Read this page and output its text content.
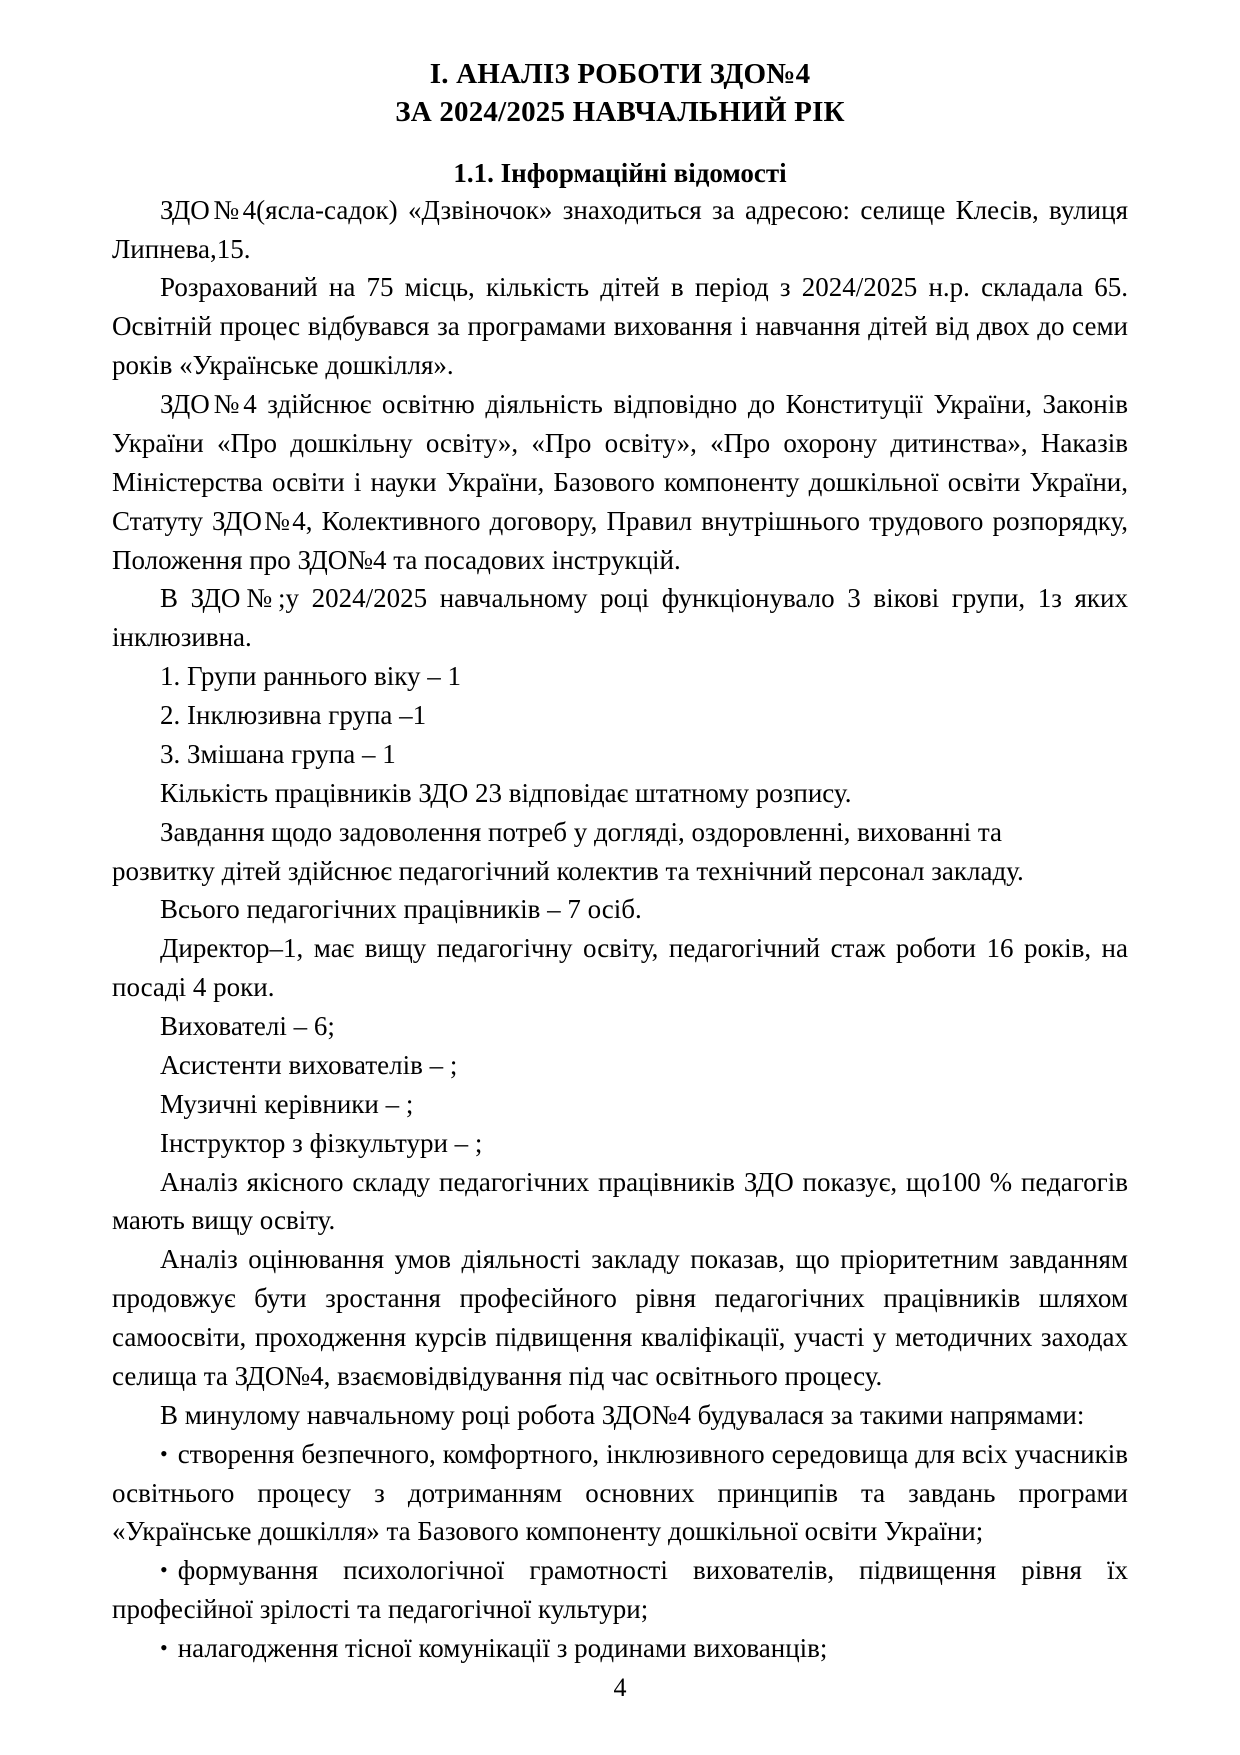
I. АНАЛІЗ РОБОТИ ЗДО№4
ЗА 2024/2025 НАВЧАЛЬНИЙ РІК
1.1. Інформаційні відомості

ЗДО№4(ясла-садок) «Дзвіночок» знаходиться за адресою: селище Клесів, вулиця Липнева,15.

Розрахований на 75 місць, кількість дітей в період з 2024/2025 н.р. складала 65. Освітній процес відбувався за програмами виховання і навчання дітей від двох до семи років «Українське дошкілля».

ЗДО№4 здійснює освітню діяльність відповідно до Конституції України, Законів України «Про дошкільну освіту», «Про освіту», «Про охорону дитинства», Наказів Міністерства освіти і науки України, Базового компоненту дошкільної освіти України, Статуту ЗДО№4, Колективного договору, Правил внутрішнього трудового розпорядку, Положення про ЗДО№4 та посадових інструкцій.

В ЗДО№;у 2024/2025 навчальному році функціонувало 3 вікові групи, 1з яких інклюзивна.

1. Групи раннього віку – 1

2. Інклюзивна група –1

3. Змішана група – 1

Кількість працівників ЗДО 23 відповідає штатному розпису.

Завдання щодо задоволення потреб у догляді, оздоровленні, вихованні та

розвитку дітей здійснює педагогічний колектив та технічний персонал закладу.

Всього педагогічних працівників – 7 осіб.

Директор–1, має вищу педагогічну освіту, педагогічний стаж роботи 16 років, на посаді 4 роки.

Вихователі – 6;

Асистенти вихователів – ;

Музичні керівники – ;

Інструктор з фізкультури – ;

Аналіз якісного складу педагогічних працівників ЗДО показує, що100 % педагогів мають вищу освіту.

Аналіз оцінювання умов діяльності закладу показав, що пріоритетним завданням продовжує бути зростання професійного рівня педагогічних працівників шляхом самоосвіти, проходження курсів підвищення кваліфікації, участі у методичних заходах селища та ЗДО№4, взаємовідвідування під час освітнього процесу.

В минулому навчальному році робота ЗДО№4 будувалася за такими напрямами:

• створення безпечного, комфортного, інклюзивного середовища для всіх учасників освітнього процесу з дотриманням основних принципів та завдань програми «Українське дошкілля» та Базового компоненту дошкільної освіти України;

• формування психологічної грамотності вихователів, підвищення рівня їх професійної зрілості та педагогічної культури;

• налагодження тісної комунікації з родинами вихованців;

4
